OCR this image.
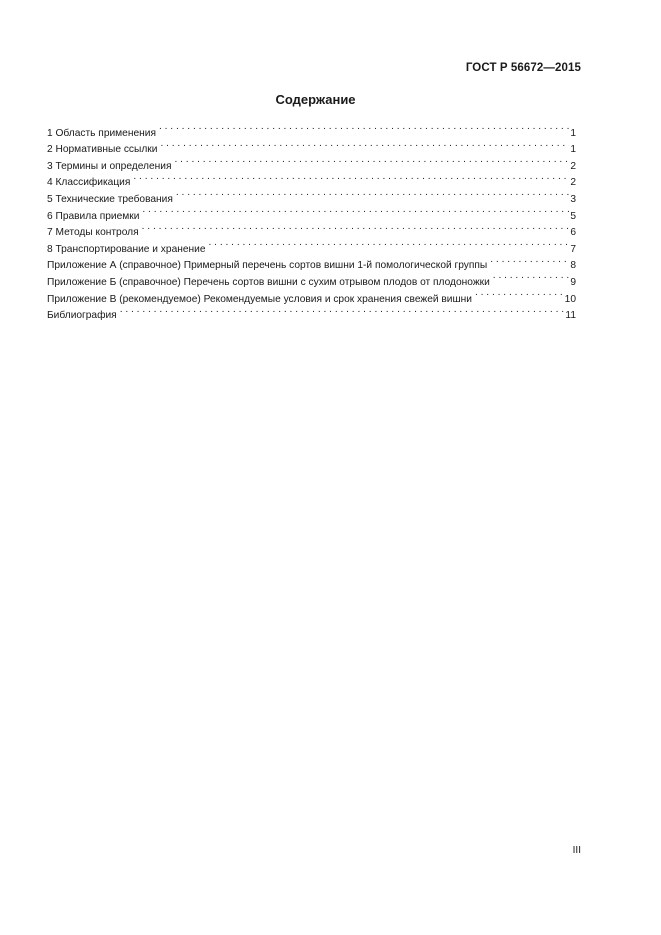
ГОСТ Р 56672—2015
Содержание
1 Область применения . . .	1
2 Нормативные ссылки . . .	1
3 Термины и определения . . .	2
4 Классификация . . .	2
5 Технические требования . . .	3
6 Правила приемки . . .	5
7 Методы контроля . . .	6
8 Транспортирование и хранение . . .	7
Приложение А (справочное) Примерный перечень сортов вишни 1-й помологической группы . . .	8
Приложение Б (справочное) Перечень сортов вишни с сухим отрывом плодов от плодоножки . . .	9
Приложение В (рекомендуемое) Рекомендуемые условия и срок хранения свежей вишни . . .	10
Библиография . . .	11
III
